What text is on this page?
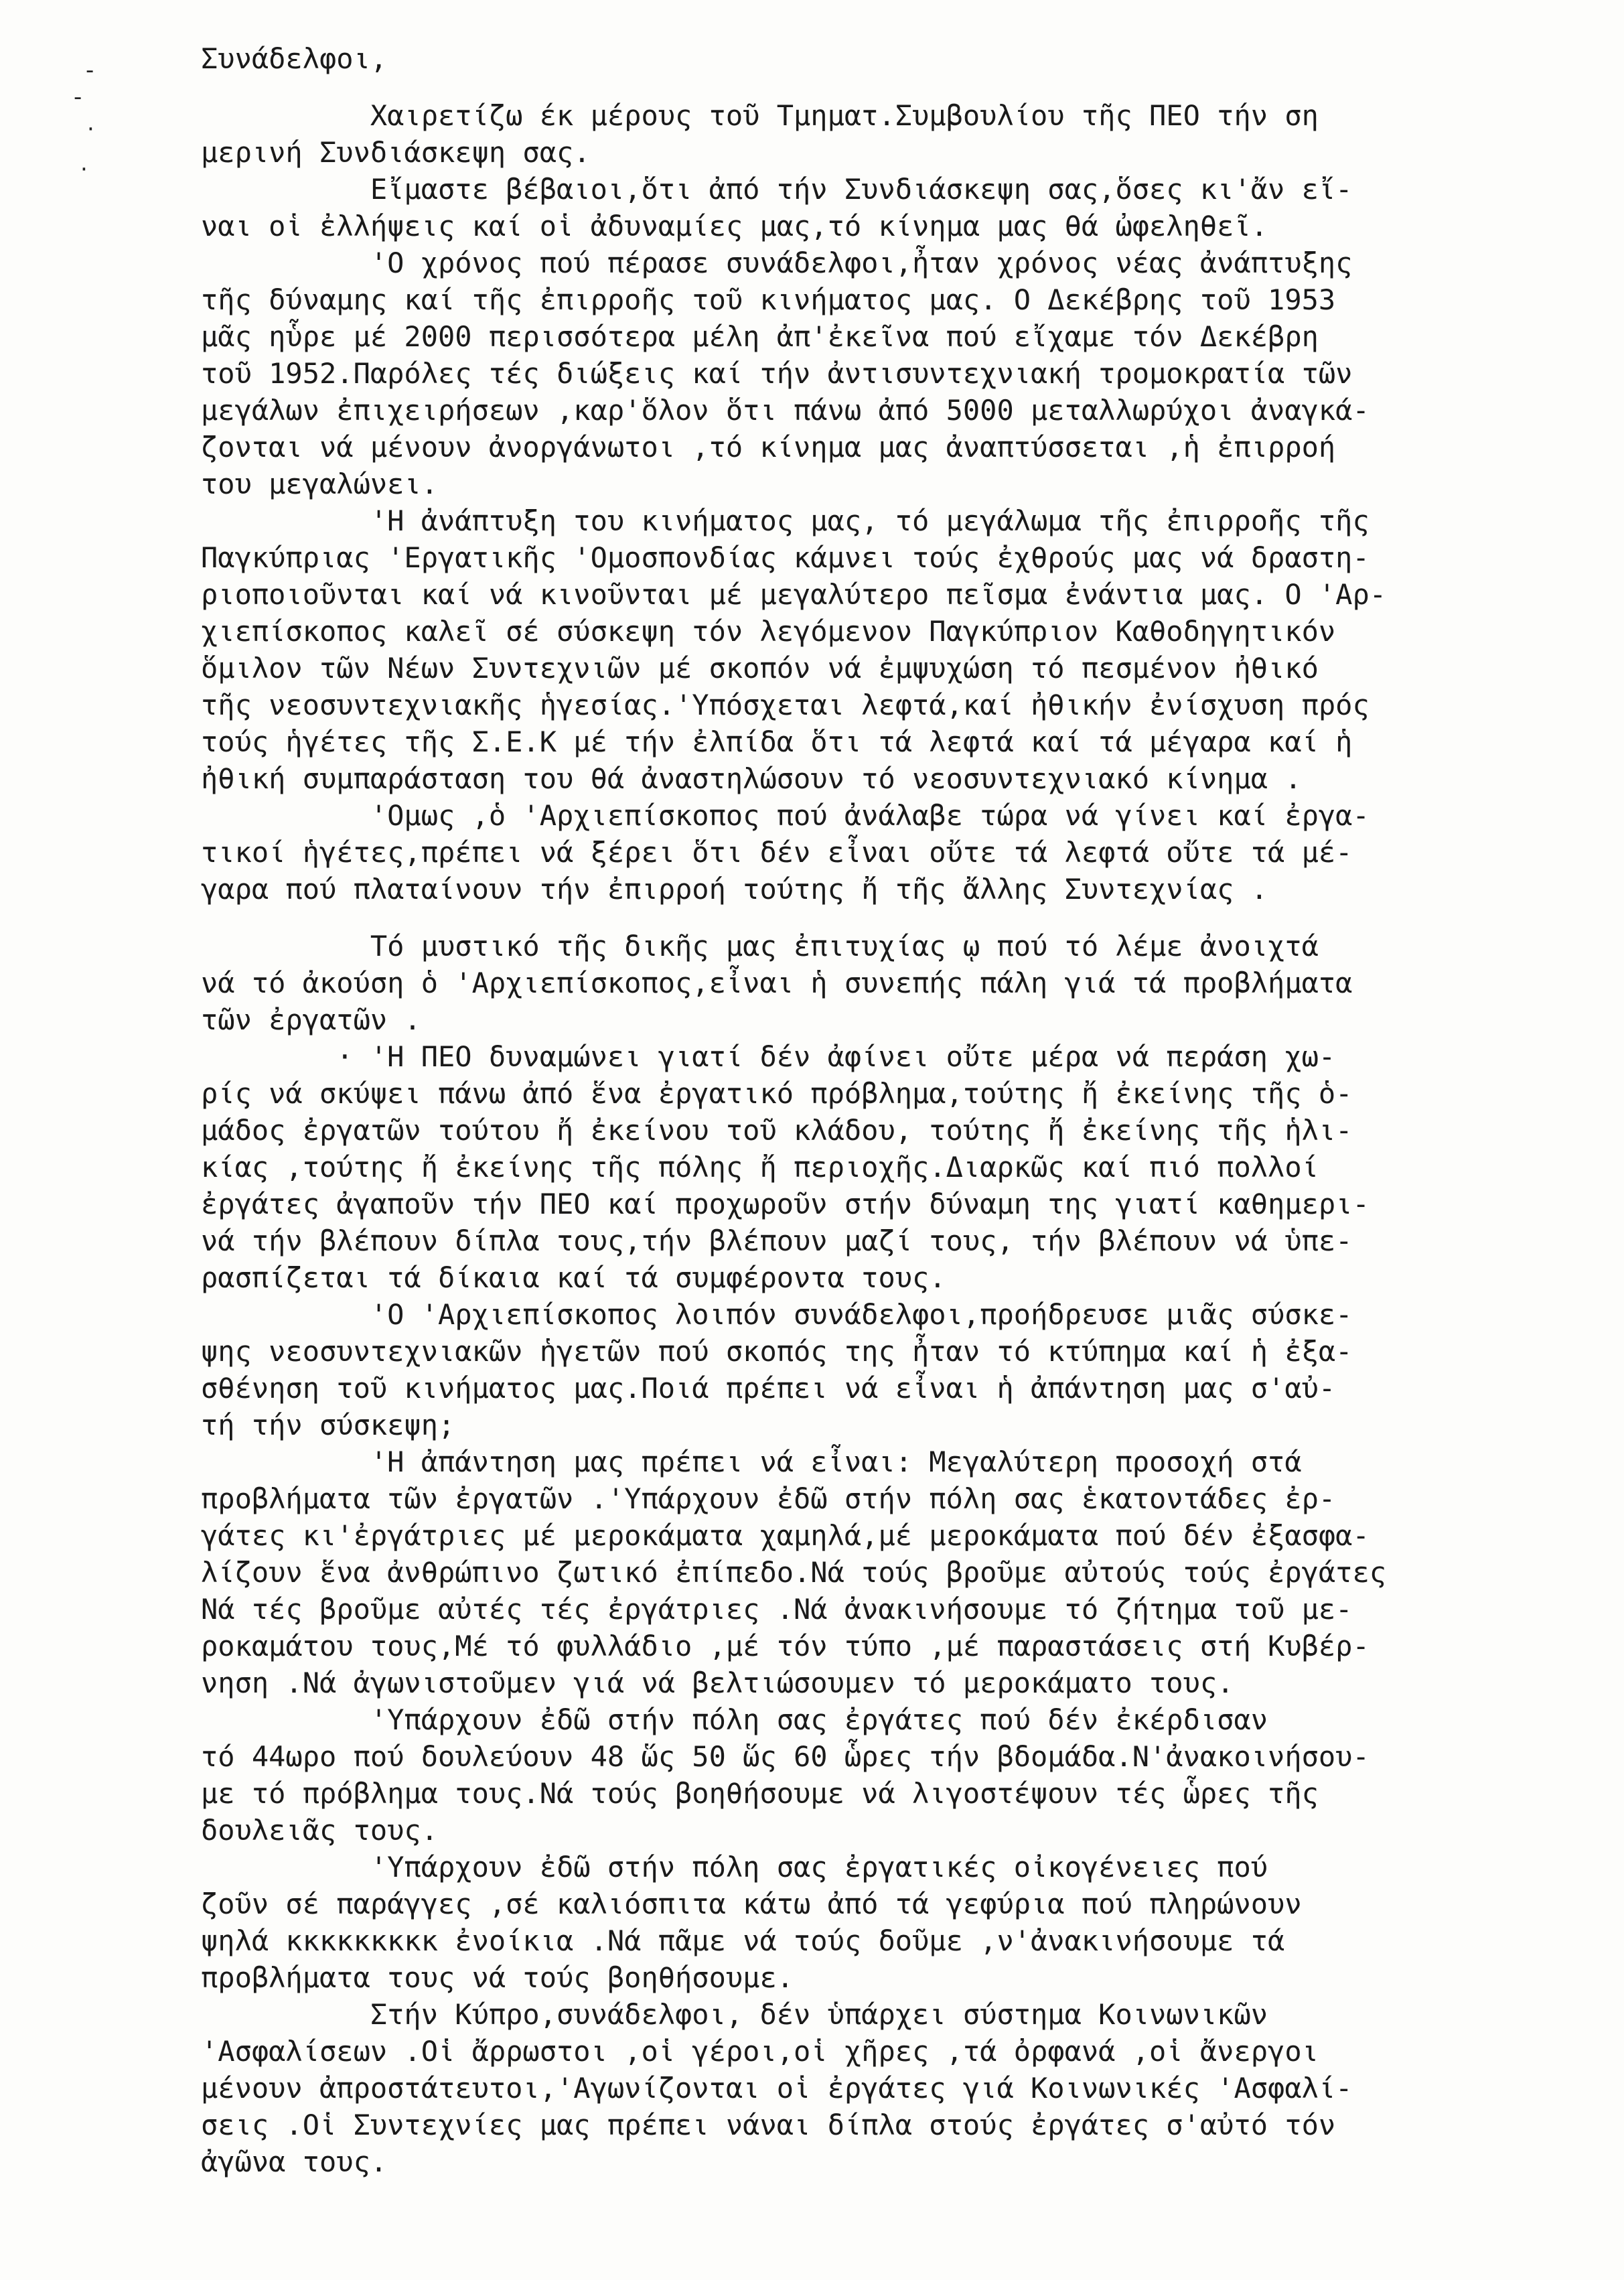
-
-
·
·
Συνάδελφοι,
Χαιρετίζω έκ μέρους τοῦ Τμηματ.Συμβουλίου τῆς ΠΕΟ τήν ση
μερινή Συνδιάσκεψη σας.
Εἴμαστε βέβαιοι,ὅτι ἀπό τήν Συνδιάσκεψη σας,ὅσες κι'ἄν εἴ-
ναι οἱ ἐλλήψεις καί οἱ ἀδυναμίες μας,τό κίνημα μας θά ὠφεληθεῖ.
'Ο χρόνος πού πέρασε συνάδελφοι,ἦταν χρόνος νέας ἀνάπτυξης
τῆς δύναμης καί τῆς ἐπιρροῆς τοῦ κινήματος μας. Ο Δεκέβρης τοῦ 1953
μᾶς ηὗρε μέ 2000 περισσότερα μέλη ἀπ'ἐκεῖνα πού εἴχαμε τόν Δεκέβρη
τοῦ 1952.Παρόλες τές διώξεις καί τήν ἀντισυντεχνιακή τρομοκρατία τῶν
μεγάλων ἐπιχειρήσεων ,καρ'ὅλον ὅτι πάνω ἀπό 5000 μεταλλωρύχοι ἀναγκά-
ζονται νά μένουν ἀνοργάνωτοι ,τό κίνημα μας ἀναπτύσσεται ,ἡ ἐπιρροή
του μεγαλώνει.
'Η ἀνάπτυξη του κινήματος μας, τό μεγάλωμα τῆς ἐπιρροῆς τῆς
Παγκύπριας 'Εργατικῆς 'Ομοσπονδίας κάμνει τούς ἐχθρούς μας νά δραστη-
ριοποιοῦνται καί νά κινοῦνται μέ μεγαλύτερο πεῖσμα ἐνάντια μας. Ο 'Αρ-
χιεπίσκοπος καλεῖ σέ σύσκεψη τόν λεγόμενον Παγκύπριον Καθοδηγητικόν
ὅμιλον τῶν Νέων Συντεχνιῶν μέ σκοπόν νά ἐμψυχώση τό πεσμένον ἠθικό
τῆς νεοσυντεχνιακῆς ἡγεσίας.'Υπόσχεται λεφτά,καί ἠθικήν ἐνίσχυση πρός
τούς ἡγέτες τῆς Σ.Ε.Κ μέ τήν ἐλπίδα ὅτι τά λεφτά καί τά μέγαρα καί ἡ
ἠθική συμπαράσταση του θά ἀναστηλώσουν τό νεοσυντεχνιακό κίνημα .
'Ομως ,ὁ 'Αρχιεπίσκοπος πού ἀνάλαβε τώρα νά γίνει καί ἐργα-
τικοί ἡγέτες,πρέπει νά ξέρει ὅτι δέν εἶναι οὔτε τά λεφτά οὔτε τά μέ-
γαρα πού πλαταίνουν τήν ἐπιρροή τούτης ἤ τῆς ἄλλης Συντεχνίας .
Τό μυστικό τῆς δικῆς μας ἐπιτυχίας ῳ πού τό λέμε ἀνοιχτά
νά τό ἀκούση ὁ 'Αρχιεπίσκοπος,εἶναι ἡ συνεπής πάλη γιά τά προβλήματα
τῶν ἐργατῶν .
· 'Η ΠΕΟ δυναμώνει γιατί δέν ἀφίνει οὔτε μέρα νά περάση χω-
ρίς νά σκύψει πάνω ἀπό ἕνα ἐργατικό πρόβλημα,τούτης ἤ ἐκείνης τῆς ὁ-
μάδος ἐργατῶν τούτου ἤ ἐκείνου τοῦ κλάδου, τούτης ἤ ἐκείνης τῆς ἡλι-
κίας ,τούτης ἤ ἐκείνης τῆς πόλης ἤ περιοχῆς.Διαρκῶς καί πιό πολλοί
ἐργάτες ἀγαποῦν τήν ΠΕΟ καί προχωροῦν στήν δύναμη της γιατί καθημερι-
νά τήν βλέπουν δίπλα τους,τήν βλέπουν μαζί τους, τήν βλέπουν νά ὑπε-
ρασπίζεται τά δίκαια καί τά συμφέροντα τους.
'Ο 'Αρχιεπίσκοπος λοιπόν συνάδελφοι,προήδρευσε μιᾶς σύσκε-
ψης νεοσυντεχνιακῶν ἡγετῶν πού σκοπός της ἦταν τό κτύπημα καί ἡ ἐξα-
σθένηση τοῦ κινήματος μας.Ποιά πρέπει νά εἶναι ἡ ἀπάντηση μας σ'αὐ-
τή τήν σύσκεψη;
'Η ἀπάντηση μας πρέπει νά εἶναι: Μεγαλύτερη προσοχή στά
προβλήματα τῶν ἐργατῶν .'Υπάρχουν ἐδῶ στήν πόλη σας ἑκατοντάδες ἐρ-
γάτες κι'ἐργάτριες μέ μεροκάματα χαμηλά,μέ μεροκάματα πού δέν ἐξασφα-
λίζουν ἕνα ἀνθρώπινο ζωτικό ἐπίπεδο.Νά τούς βροῦμε αὐτούς τούς ἐργάτες
Νά τές βροῦμε αὐτές τές ἐργάτριες .Νά ἀνακινήσουμε τό ζήτημα τοῦ με-
ροκαμάτου τους,Μέ τό φυλλάδιο ,μέ τόν τύπο ,μέ παραστάσεις στή Κυβέρ-
νηση .Νά ἀγωνιστοῦμεν γιά νά βελτιώσουμεν τό μεροκάματο τους.
'Υπάρχουν ἐδῶ στήν πόλη σας ἐργάτες πού δέν ἐκέρδισαν
τό 44ωρο πού δουλεύουν 48 ὥς 50 ὥς 60 ὧρες τήν βδομάδα.Ν'ἀνακοινήσου-
με τό πρόβλημα τους.Νά τούς βοηθήσουμε νά λιγοστέψουν τές ὧρες τῆς
δουλειᾶς τους.
'Υπάρχουν ἐδῶ στήν πόλη σας ἐργατικές οἰκογένειες πού
ζοῦν σέ παράγγες ,σέ καλιόσπιτα κάτω ἀπό τά γεφύρια πού πληρώνουν
ψηλά κκκκκκκκκ ἐνοίκια .Νά πᾶμε νά τούς δοῦμε ,ν'ἀνακινήσουμε τά
προβλήματα τους νά τούς βοηθήσουμε.
Στήν Κύπρο,συνάδελφοι, δέν ὑπάρχει σύστημα Κοινωνικῶν
'Ασφαλίσεων .Οἱ ἄρρωστοι ,οἱ γέροι,οἱ χῆρες ,τά ὀρφανά ,οἱ ἄνεργοι
μένουν ἀπροστάτευτοι,'Αγωνίζονται οἱ ἐργάτες γιά Κοινωνικές 'Ασφαλί-
σεις .Οἱ Συντεχνίες μας πρέπει νάναι δίπλα στούς ἐργάτες σ'αὐτό τόν
ἀγῶνα τους.
